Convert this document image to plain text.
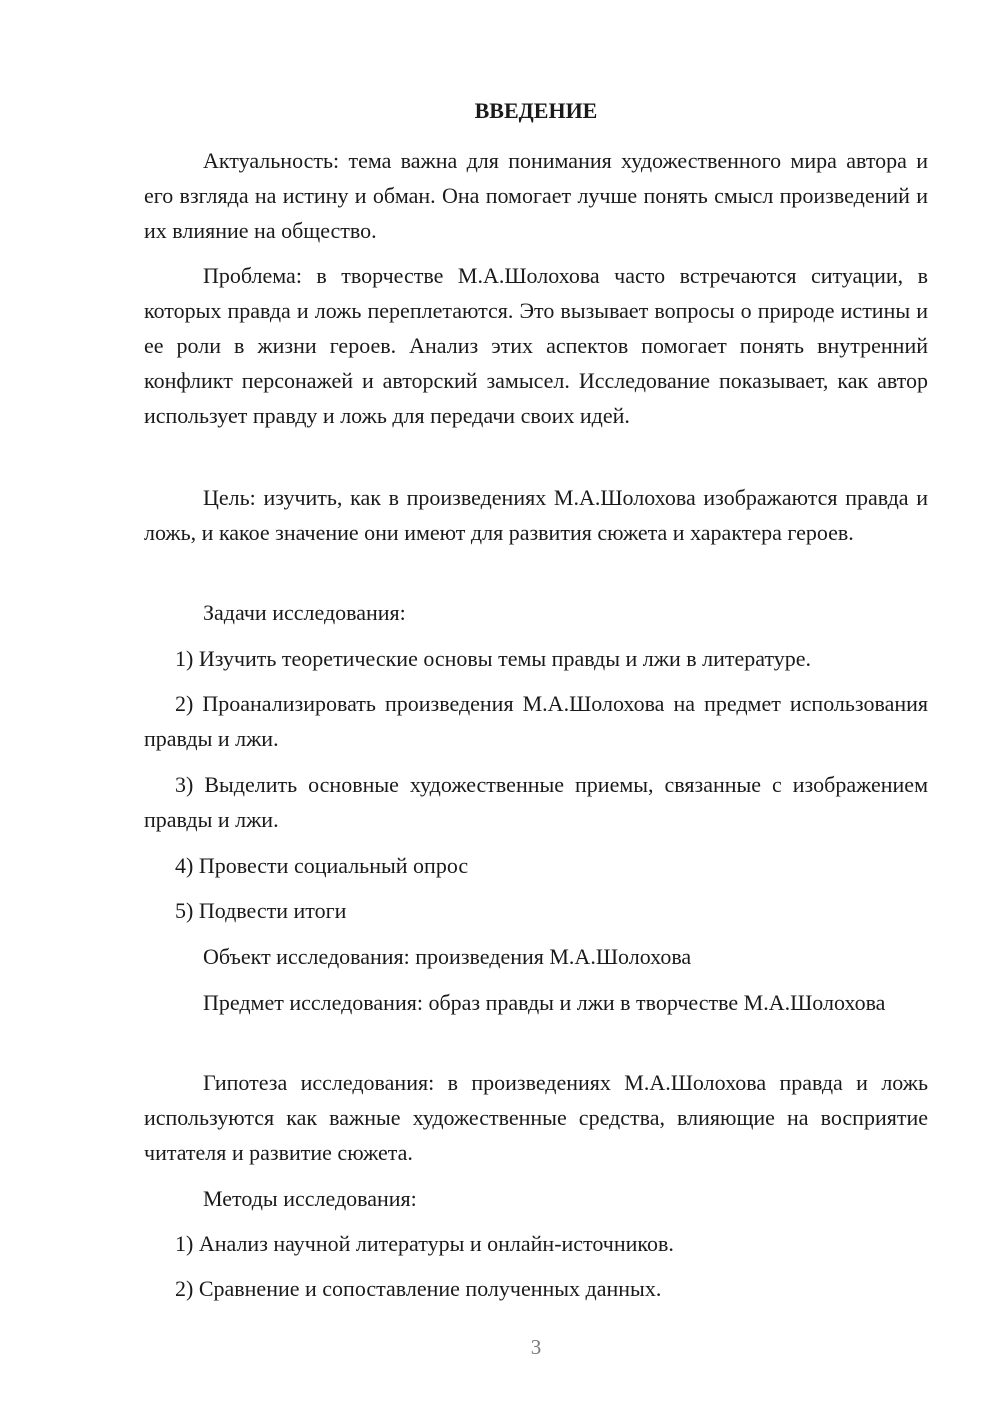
ВВЕДЕНИЕ
Актуальность: тема важна для понимания художественного мира автора и его взгляда на истину и обман. Она помогает лучше понять смысл произведений и их влияние на общество.
Проблема: в творчестве М.А.Шолохова часто встречаются ситуации, в которых правда и ложь переплетаются. Это вызывает вопросы о природе истины и ее роли в жизни героев. Анализ этих аспектов помогает понять внутренний конфликт персонажей и авторский замысел. Исследование показывает, как автор использует правду и ложь для передачи своих идей.
Цель: изучить, как в произведениях М.А.Шолохова изображаются правда и ложь, и какое значение они имеют для развития сюжета и характера героев.
Задачи исследования:
1) Изучить теоретические основы темы правды и лжи в литературе.
2) Проанализировать произведения М.А.Шолохова на предмет использования правды и лжи.
3) Выделить основные художественные приемы, связанные с изображением правды и лжи.
4) Провести социальный опрос
5) Подвести итоги
Объект исследования: произведения М.А.Шолохова
Предмет исследования: образ правды и лжи в творчестве М.А.Шолохова
Гипотеза исследования: в произведениях М.А.Шолохова правда и ложь используются как важные художественные средства, влияющие на восприятие читателя и развитие сюжета.
Методы исследования:
1) Анализ научной литературы и онлайн-источников.
2) Сравнение и сопоставление полученных данных.
3
